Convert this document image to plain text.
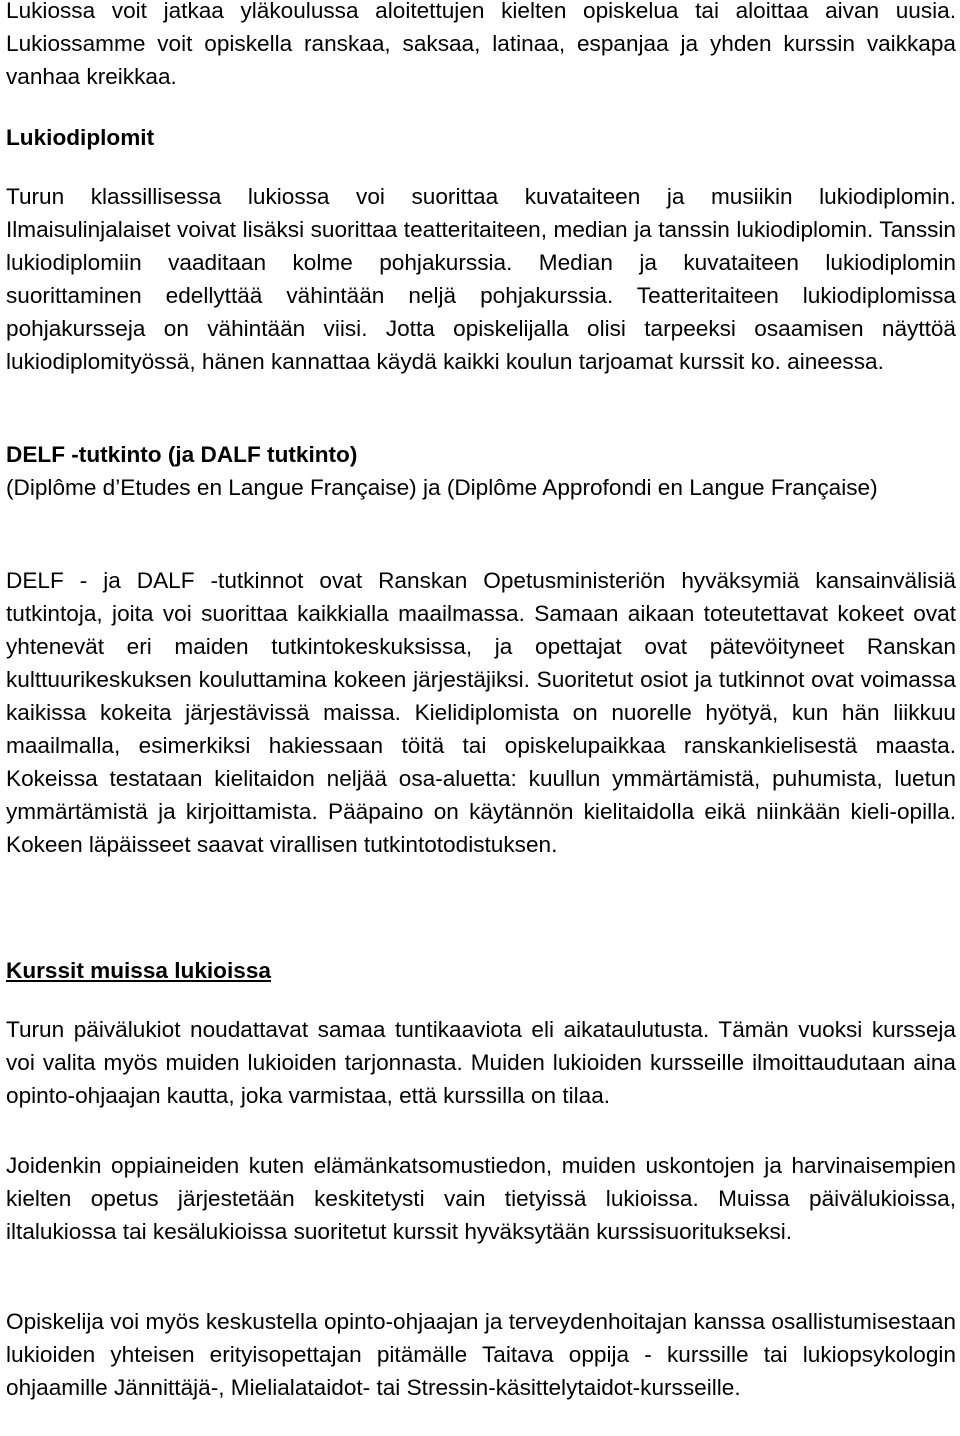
Lukiossa voit jatkaa yläkoulussa aloitettujen kielten opiskelua tai aloittaa aivan uusia. Lukiossamme voit opiskella ranskaa, saksaa, latinaa, espanjaa ja yhden kurssin vaikkapa vanhaa kreikkaa.

Lukiodiplomit

Turun klassillisessa lukiossa voi suorittaa kuvataiteen ja musiikin lukiodiplomin. Ilmaisulinjalaiset voivat lisäksi suorittaa teatteritaiteen, median ja tanssin lukiodiplomin. Tanssin lukiodiplomiin vaaditaan kolme pohjakurssia. Median ja kuvataiteen lukiodiplomin suorittaminen edellyttää vähintään neljä pohjakurssia. Teatteritaiteen lukiodiplomissa pohjakursseja on vähintään viisi. Jotta opiskelijalla olisi tarpeeksi osaamisen näyttöä lukiodiplomityössä, hänen kannattaa käydä kaikki koulun tarjoamat kurssit ko. aineessa.

DELF -tutkinto (ja DALF tutkinto)

(Diplôme d’Etudes en Langue Française) ja (Diplôme Approfondi en Langue Française)

DELF - ja DALF -tutkinnot ovat Ranskan Opetusministeriön hyväksymiä kansainvälisiä tutkintoja, joita voi suorittaa kaikkialla maailmassa. Samaan aikaan toteutettavat kokeet ovat yhtenevät eri maiden tutkintokeskuksissa, ja opettajat ovat pätevöityneet Ranskan kulttuurikeskuksen kouluttamina kokeen järjestäjiksi. Suoritetut osiot ja tutkinnot ovat voimassa kaikissa kokeita järjestävissä maissa. Kielidiplomista on nuorelle hyötyä, kun hän liikkuu maailmalla, esimerkiksi hakiessaan töitä tai opiskelupaikkaa ranskankielisestä maasta. Kokeissa testataan kielitaidon neljää osa-aluetta: kuullun ymmärtämistä, puhumista, luetun ymmärtämistä ja kirjoittamista. Pääpaino on käytännön kielitaidolla eikä niinkään kieli-opilla. Kokeen läpäisseet saavat virallisen tutkintotodistuksen.

Kurssit muissa lukioissa

Turun päivälukiot noudattavat samaa tuntikaaviota eli aikataulutusta. Tämän vuoksi kursseja voi valita myös muiden lukioiden tarjonnasta. Muiden lukioiden kursseille ilmoittaudutaan aina opinto-ohjaajan kautta, joka varmistaa, että kurssilla on tilaa.

Joidenkin oppiaineiden kuten elämänkatsomustiedon, muiden uskontojen ja harvinaisempien kielten opetus järjestetään keskitetysti vain tietyissä lukioissa. Muissa päivälukioissa, iltalukiossa tai kesälukioissa suoritetut kurssit hyväksytään kurssisuoritukseksi.

Opiskelija voi myös keskustella opinto-ohjaajan ja terveydenhoitajan kanssa osallistumisestaan lukioiden yhteisen erityisopettajan pitämälle Taitava oppija - kurssille tai lukiopsykologin ohjaamille Jännittäjä-, Mielialataidot- tai Stressin-käsittelytaidot-kursseille.
